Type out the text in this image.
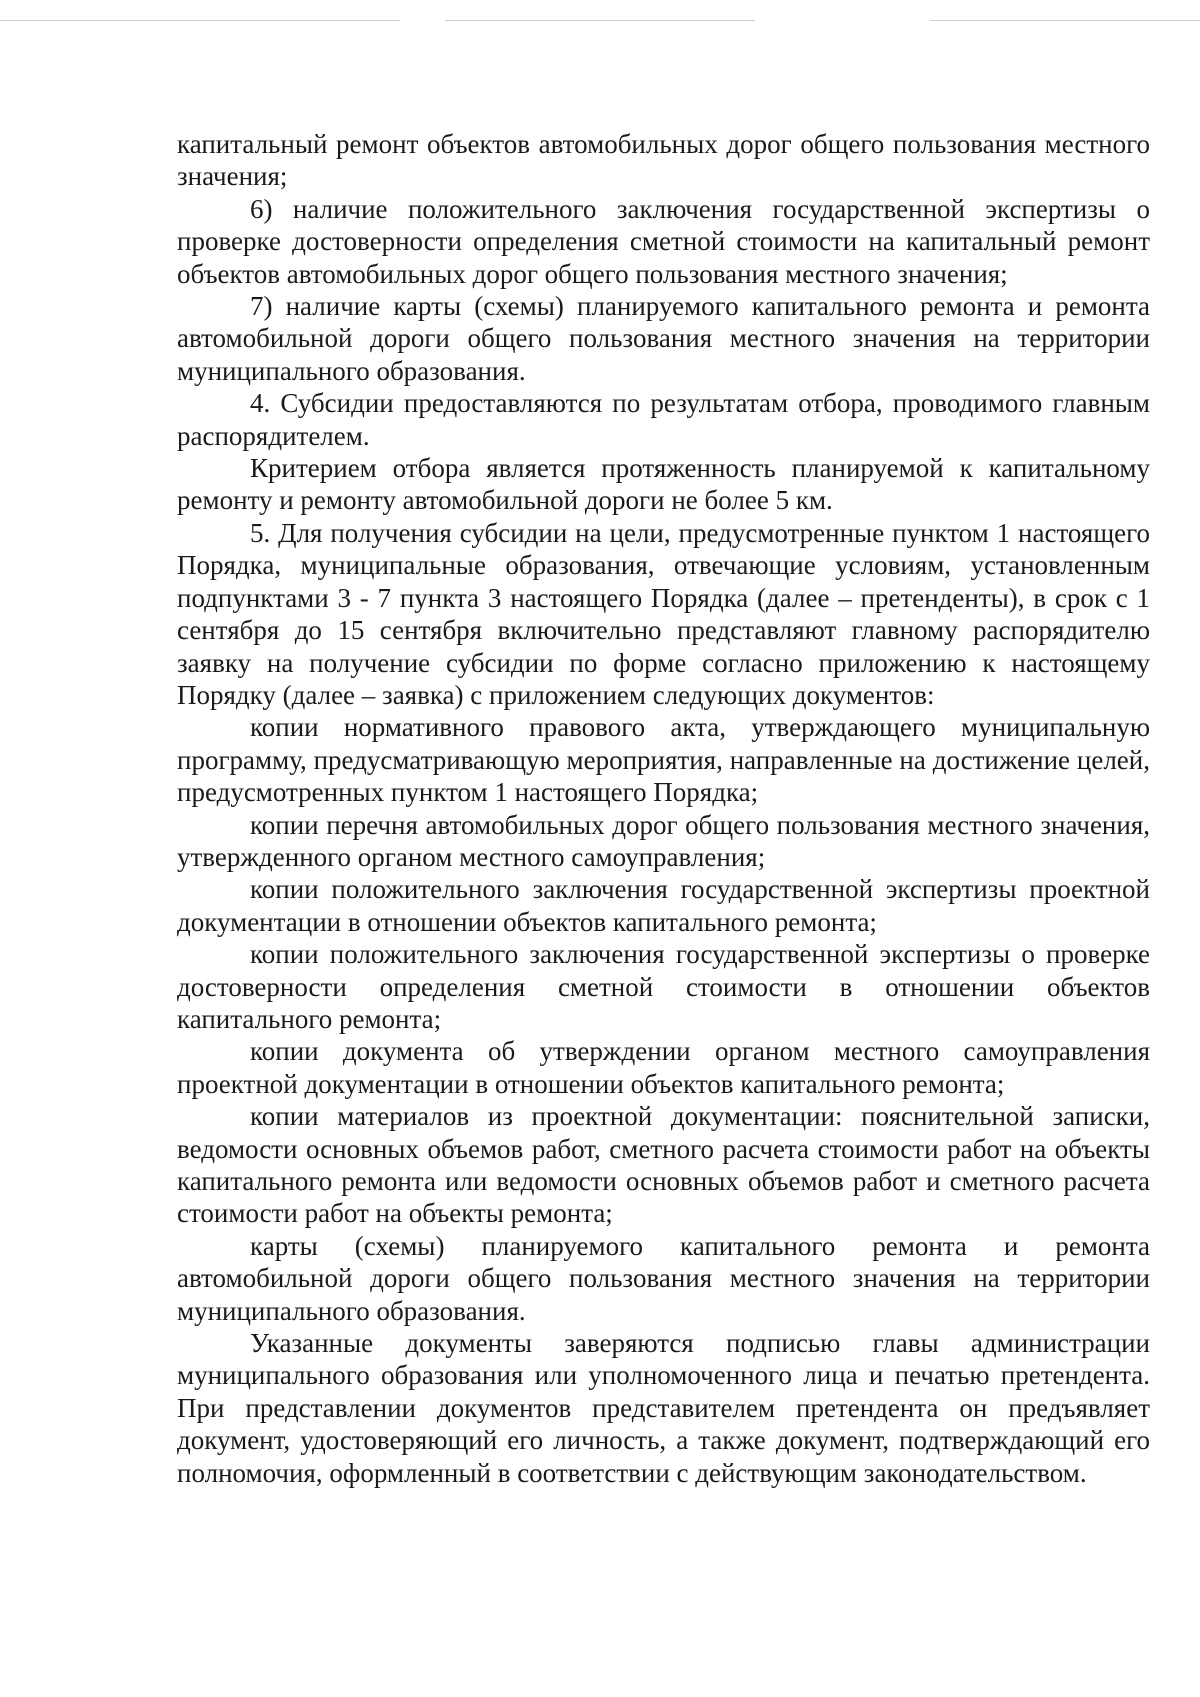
капитальный ремонт объектов автомобильных дорог общего пользования местного значения;

6) наличие положительного заключения государственной экспертизы о проверке достоверности определения сметной стоимости на капитальный ремонт объектов автомобильных дорог общего пользования местного значения;

7) наличие карты (схемы) планируемого капитального ремонта и ремонта автомобильной дороги общего пользования местного значения на территории муниципального образования.

4. Субсидии предоставляются по результатам отбора, проводимого главным распорядителем.

Критерием отбора является протяженность планируемой к капитальному ремонту и ремонту автомобильной дороги не более 5 км.

5. Для получения субсидии на цели, предусмотренные пунктом 1 настоящего Порядка, муниципальные образования, отвечающие условиям, установленным подпунктами 3 - 7 пункта 3 настоящего Порядка (далее – претенденты), в срок с 1 сентября до 15 сентября включительно представляют главному распорядителю заявку на получение субсидии по форме согласно приложению к настоящему Порядку (далее – заявка) с приложением следующих документов:

копии нормативного правового акта, утверждающего муниципальную программу, предусматривающую мероприятия, направленные на достижение целей, предусмотренных пунктом 1 настоящего Порядка;

копии перечня автомобильных дорог общего пользования местного значения, утвержденного органом местного самоуправления;

копии положительного заключения государственной экспертизы проектной документации в отношении объектов капитального ремонта;

копии положительного заключения государственной экспертизы о проверке достоверности определения сметной стоимости в отношении объектов капитального ремонта;

копии документа об утверждении органом местного самоуправления проектной документации в отношении объектов капитального ремонта;

копии материалов из проектной документации: пояснительной записки, ведомости основных объемов работ, сметного расчета стоимости работ на объекты капитального ремонта или ведомости основных объемов работ и сметного расчета стоимости работ на объекты ремонта;

карты (схемы) планируемого капитального ремонта и ремонта автомобильной дороги общего пользования местного значения на территории муниципального образования.

Указанные документы заверяются подписью главы администрации муниципального образования или уполномоченного лица и печатью претендента. При представлении документов представителем претендента он предъявляет документ, удостоверяющий его личность, а также документ, подтверждающий его полномочия, оформленный в соответствии с действующим законодательством.
